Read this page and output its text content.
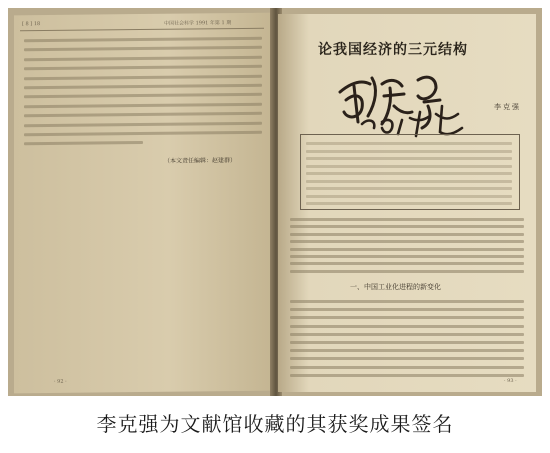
[ 8 ] 18	中国社会科学 1991 年第 1 期
（本文责任编辑：赵建群）
· 92 ·
论我国经济的三元结构
李克强
一、中国工业化进程的新变化
· 93 ·
李克强为文献馆收藏的其获奖成果签名
